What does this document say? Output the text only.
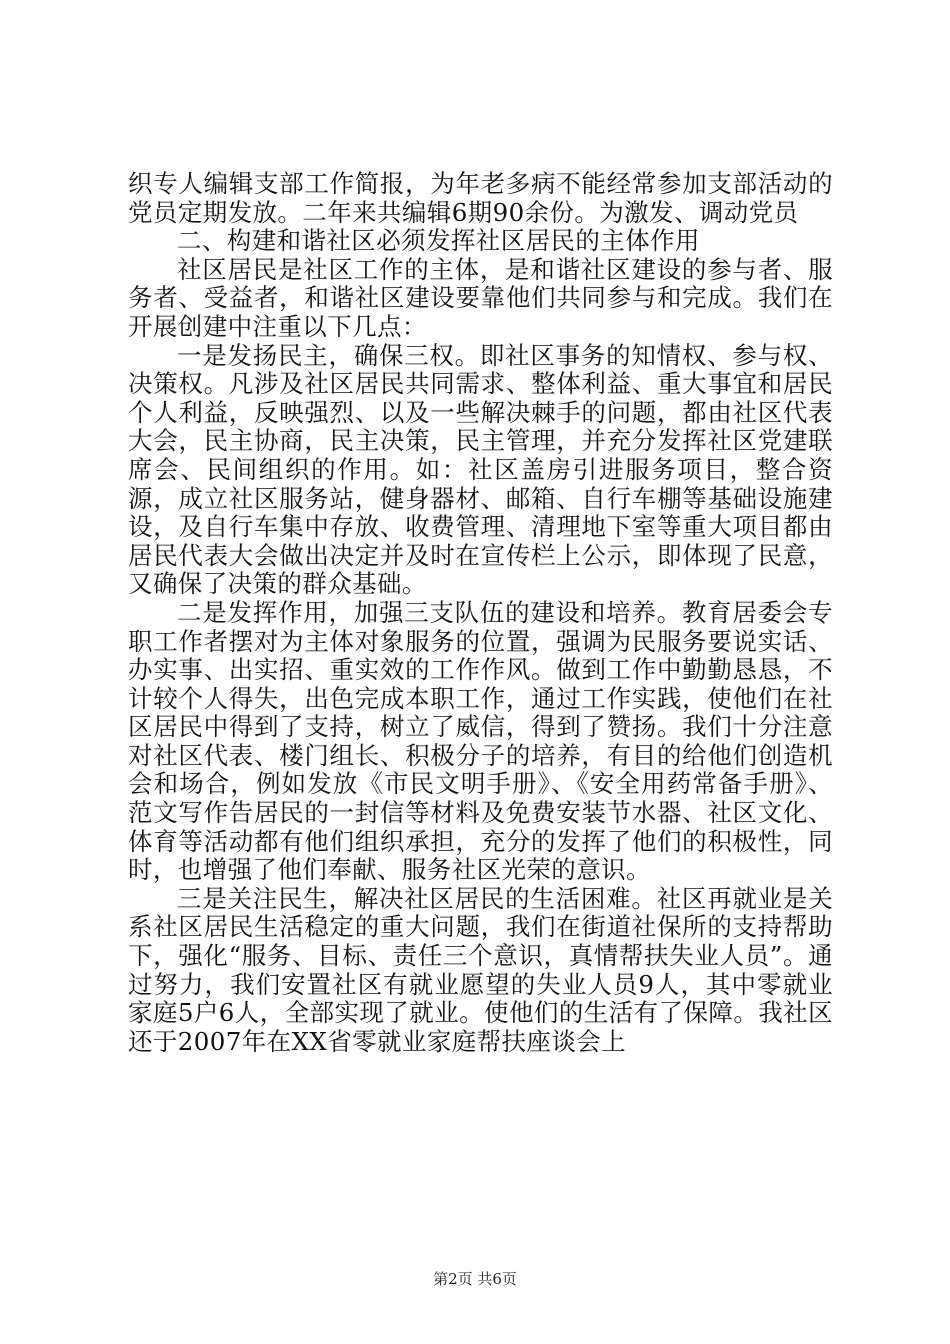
织专人编辑支部工作简报，为年老多病不能经常参加支部活动的党员定期发放。二年来共编辑6期90余份。为激发、调动党员

二、构建和谐社区必须发挥社区居民的主体作用

社区居民是社区工作的主体，是和谐社区建设的参与者、服务者、受益者，和谐社区建设要靠他们共同参与和完成。我们在开展创建中注重以下几点：

一是发扬民主，确保三权。即社区事务的知情权、参与权、决策权。凡涉及社区居民共同需求、整体利益、重大事宜和居民个人利益，反映强烈、以及一些解决棘手的问题，都由社区代表大会，民主协商，民主决策，民主管理，并充分发挥社区党建联席会、民间组织的作用。如：社区盖房引进服务项目，整合资源，成立社区服务站，健身器材、邮箱、自行车棚等基础设施建设，及自行车集中存放、收费管理、清理地下室等重大项目都由居民代表大会做出决定并及时在宣传栏上公示，即体现了民意，又确保了决策的群众基础。

二是发挥作用，加强三支队伍的建设和培养。教育居委会专职工作者摆对为主体对象服务的位置，强调为民服务要说实话、办实事、出实招、重实效的工作作风。做到工作中勤勤恳恳，不计较个人得失，出色完成本职工作，通过工作实践，使他们在社区居民中得到了支持，树立了威信，得到了赞扬。我们十分注意对社区代表、楼门组长、积极分子的培养，有目的给他们创造机会和场合，例如发放《市民文明手册》、《安全用药常备手册》、范文写作告居民的一封信等材料及免费安装节水器、社区文化、体育等活动都有他们组织承担，充分的发挥了他们的积极性，同时，也增强了他们奉献、服务社区光荣的意识。

三是关注民生，解决社区居民的生活困难。社区再就业是关系社区居民生活稳定的重大问题，我们在街道社保所的支持帮助下，强化“服务、目标、责任三个意识，真情帮扶失业人员”。通过努力，我们安置社区有就业愿望的失业人员9人，其中零就业家庭5户6人，全部实现了就业。使他们的生活有了保障。我社区还于2007年在XX省零就业家庭帮扶座谈会上

第2页 共6页
